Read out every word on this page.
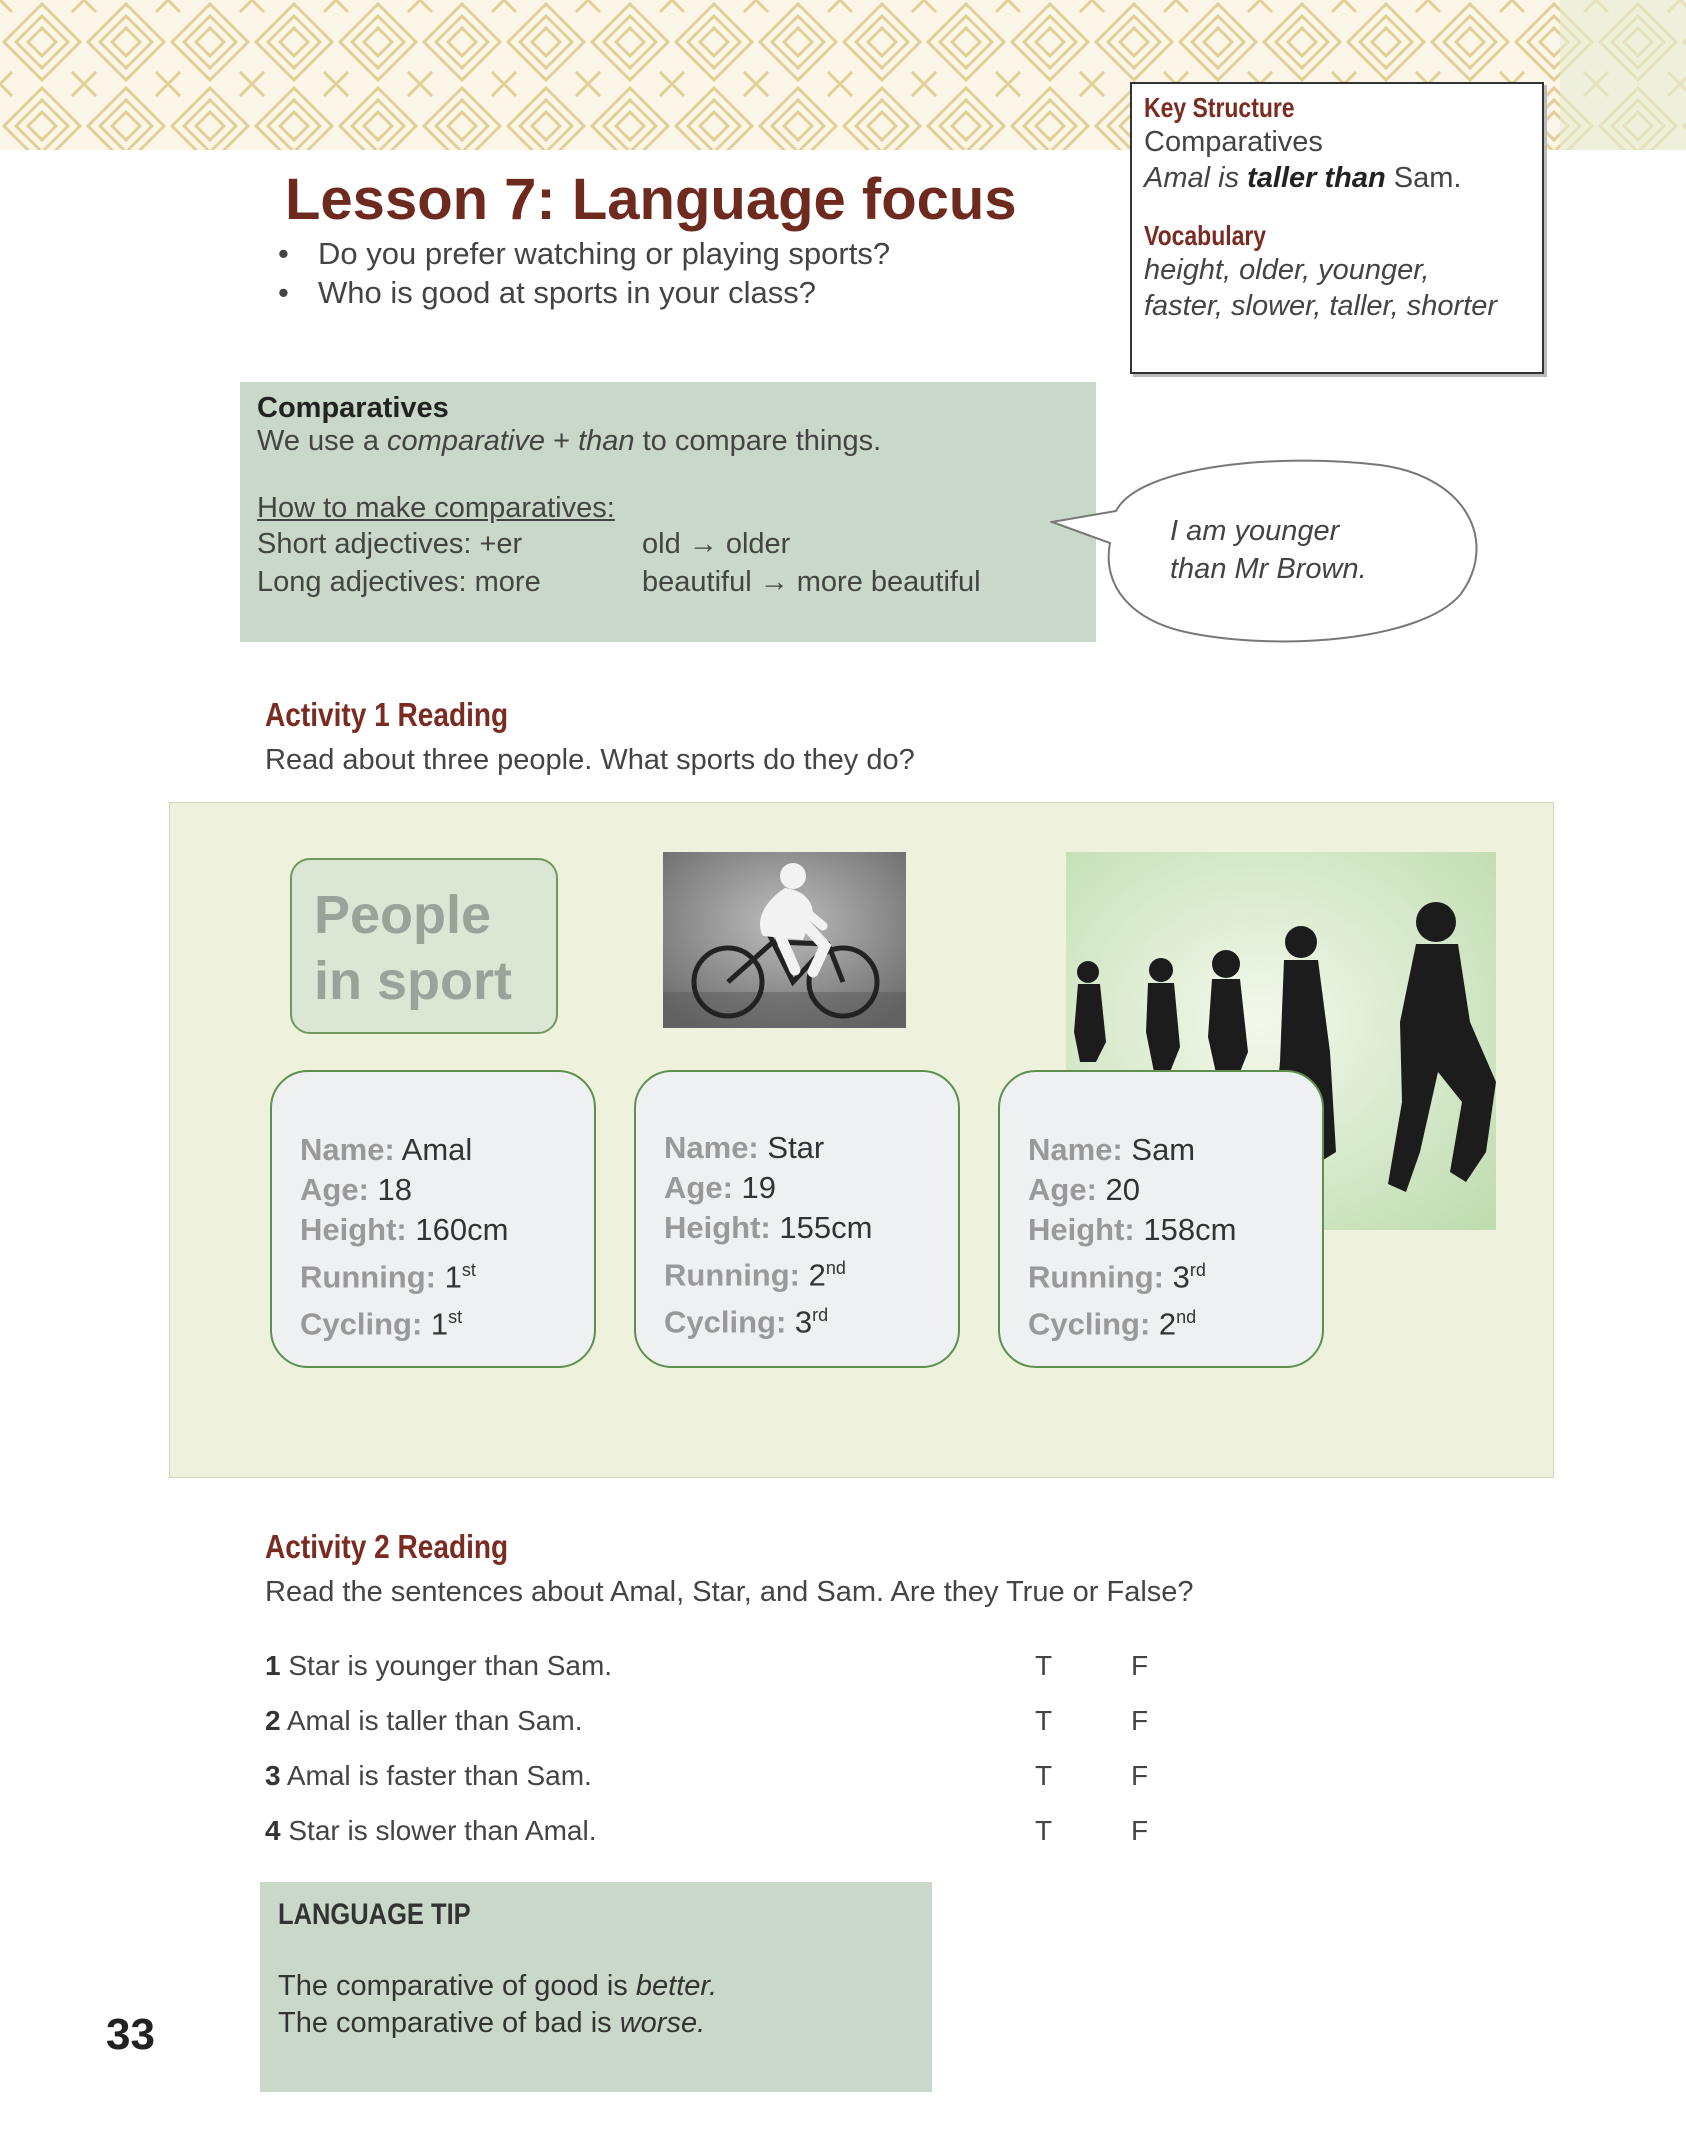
Key Structure
Comparatives
Amal is taller than Sam.
Vocabulary
height, older, younger,
faster, slower, taller, shorter
Lesson 7: Language focus
• Do you prefer watching or playing sports?
• Who is good at sports in your class?
Comparatives
We use a comparative + than to compare things.
How to make comparatives:
Short adjectives: +er	old → older
Long adjectives: more	beautiful → more beautiful
I am younger
than Mr Brown.
Activity 1 Reading
Read about three people. What sports do they do?
People
in sport
Name: Amal
Age: 18
Height: 160cm
Running: 1st
Cycling: 1st
Name: Star
Age: 19
Height: 155cm
Running: 2nd
Cycling: 3rd
Name: Sam
Age: 20
Height: 158cm
Running: 3rd
Cycling: 2nd
Activity 2 Reading
Read the sentences about Amal, Star, and Sam. Are they True or False?
1 Star is younger than Sam.	T	F
2 Amal is taller than Sam.	T	F
3 Amal is faster than Sam.	T	F
4 Star is slower than Amal.	T	F
LANGUAGE TIP
The comparative of good is better.
The comparative of bad is worse.
33
